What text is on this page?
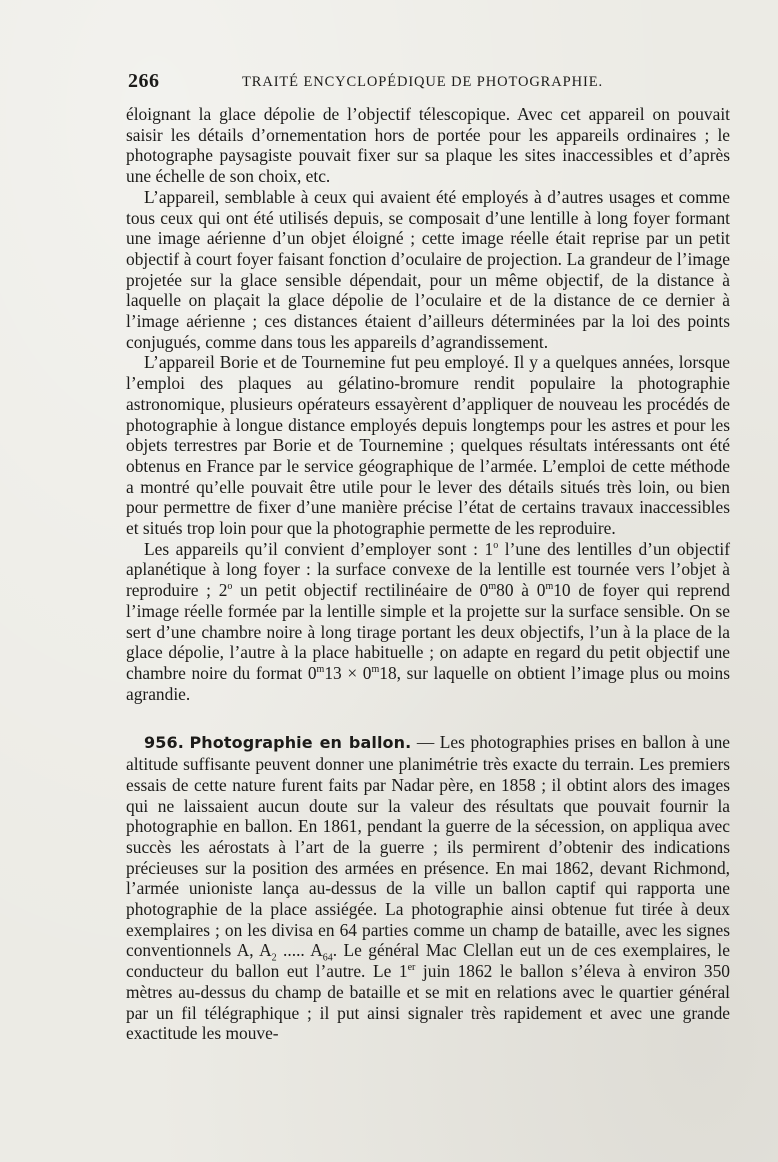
266	TRAITÉ ENCYCLOPÉDIQUE DE PHOTOGRAPHIE.

éloignant la glace dépolie de l’objectif télescopique. Avec cet appareil on pouvait saisir les détails d’ornementation hors de portée pour les appareils ordinaires ; le photographe paysagiste pouvait fixer sur sa plaque les sites inaccessibles et d’après une échelle de son choix, etc.

L’appareil, semblable à ceux qui avaient été employés à d’autres usages et comme tous ceux qui ont été utilisés depuis, se composait d’une lentille à long foyer formant une image aérienne d’un objet éloigné ; cette image réelle était reprise par un petit objectif à court foyer faisant fonction d’oculaire de projection. La grandeur de l’image projetée sur la glace sensible dépendait, pour un même objectif, de la distance à laquelle on plaçait la glace dépolie de l’oculaire et de la distance de ce dernier à l’image aérienne ; ces distances étaient d’ailleurs déterminées par la loi des points conjugués, comme dans tous les appareils d’agrandissement.

L’appareil Borie et de Tournemine fut peu employé. Il y a quelques années, lorsque l’emploi des plaques au gélatino-bromure rendit populaire la photographie astronomique, plusieurs opérateurs essayèrent d’appliquer de nouveau les procédés de photographie à longue distance employés depuis longtemps pour les astres et pour les objets terrestres par Borie et de Tournemine ; quelques résultats intéressants ont été obtenus en France par le service géographique de l’armée. L’emploi de cette méthode a montré qu’elle pouvait être utile pour le lever des détails situés très loin, ou bien pour permettre de fixer d’une manière précise l’état de certains travaux inaccessibles et situés trop loin pour que la photographie permette de les reproduire.

Les appareils qu’il convient d’employer sont : 1$^o$ l’une des lentilles d’un objectif aplanétique à long foyer : la surface convexe de la lentille est tournée vers l’objet à reproduire ; 2$^o$ un petit objectif rectilinéaire de 0$^m$80 à 0$^m$10 de foyer qui reprend l’image réelle formée par la lentille simple et la projette sur la surface sensible. On se sert d’une chambre noire à long tirage portant les deux objectifs, l’un à la place de la glace dépolie, l’autre à la place habituelle ; on adapte en regard du petit objectif une chambre noire du format $0^m13 \times 0^m18$, sur laquelle on obtient l’image plus ou moins agrandie.

956. Photographie en ballon. — Les photographies prises en ballon à une altitude suffisante peuvent donner une planimétrie très exacte du terrain. Les premiers essais de cette nature furent faits par Nadar père, en 1858 ; il obtint alors des images qui ne laissaient aucun doute sur la valeur des résultats que pouvait fournir la photographie en ballon. En 1861, pendant la guerre de la sécession, on appliqua avec succès les aérostats à l’art de la guerre ; ils permirent d’obtenir des indications précieuses sur la position des armées en présence. En mai 1862, devant Richmond, l’armée unioniste lança au-dessus de la ville un ballon captif qui rapporta une photographie de la place assiégée. La photographie ainsi obtenue fut tirée à deux exemplaires ; on les divisa en 64 parties comme un champ de bataille, avec les signes conventionnels A, $A_2$ ..... $A_{64}$. Le général Mac Clellan eut un de ces exemplaires, le conducteur du ballon eut l’autre. Le 1er juin 1862 le ballon s’éleva à environ 350 mètres au-dessus du champ de bataille et se mit en relations avec le quartier général par un fil télégraphique ; il put ainsi signaler très rapidement et avec une grande exactitude les mouve-
